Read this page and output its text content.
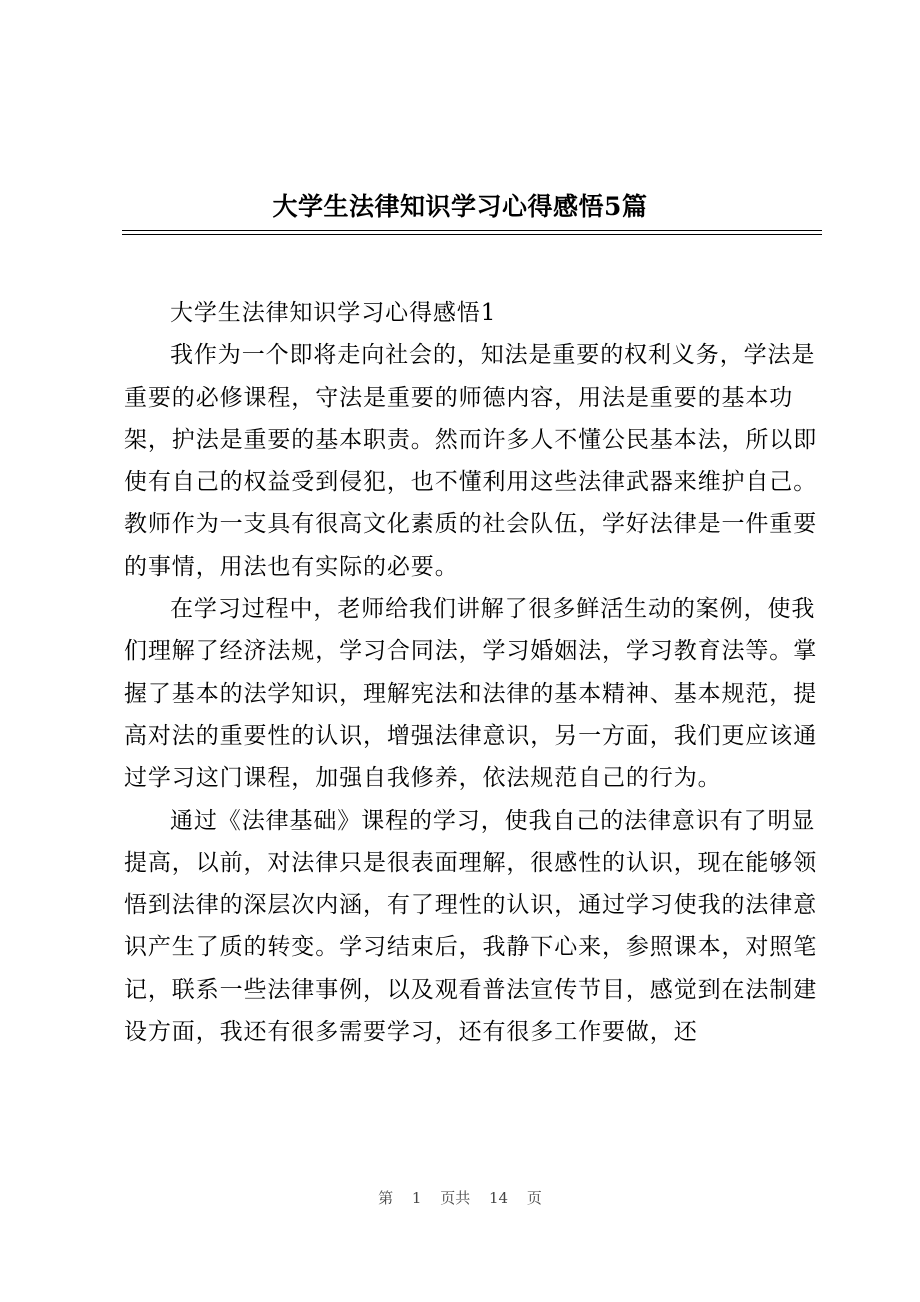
大学生法律知识学习心得感悟5篇

大学生法律知识学习心得感悟1

我作为一个即将走向社会的，知法是重要的权利义务，学法是重要的必修课程，守法是重要的师德内容，用法是重要的基本功架，护法是重要的基本职责。然而许多人不懂公民基本法，所以即使有自己的权益受到侵犯，也不懂利用这些法律武器来维护自己。教师作为一支具有很高文化素质的社会队伍，学好法律是一件重要的事情，用法也有实际的必要。

在学习过程中，老师给我们讲解了很多鲜活生动的案例，使我们理解了经济法规，学习合同法，学习婚姻法，学习教育法等。掌握了基本的法学知识，理解宪法和法律的基本精神、基本规范，提高对法的重要性的认识，增强法律意识，另一方面，我们更应该通过学习这门课程，加强自我修养，依法规范自己的行为。

通过《法律基础》课程的学习，使我自己的法律意识有了明显提高，以前，对法律只是很表面理解，很感性的认识，现在能够领悟到法律的深层次内涵，有了理性的认识，通过学习使我的法律意识产生了质的转变。学习结束后，我静下心来，参照课本，对照笔记，联系一些法律事例，以及观看普法宣传节目，感觉到在法制建设方面，我还有很多需要学习，还有很多工作要做，还

第 1 页共 14 页
